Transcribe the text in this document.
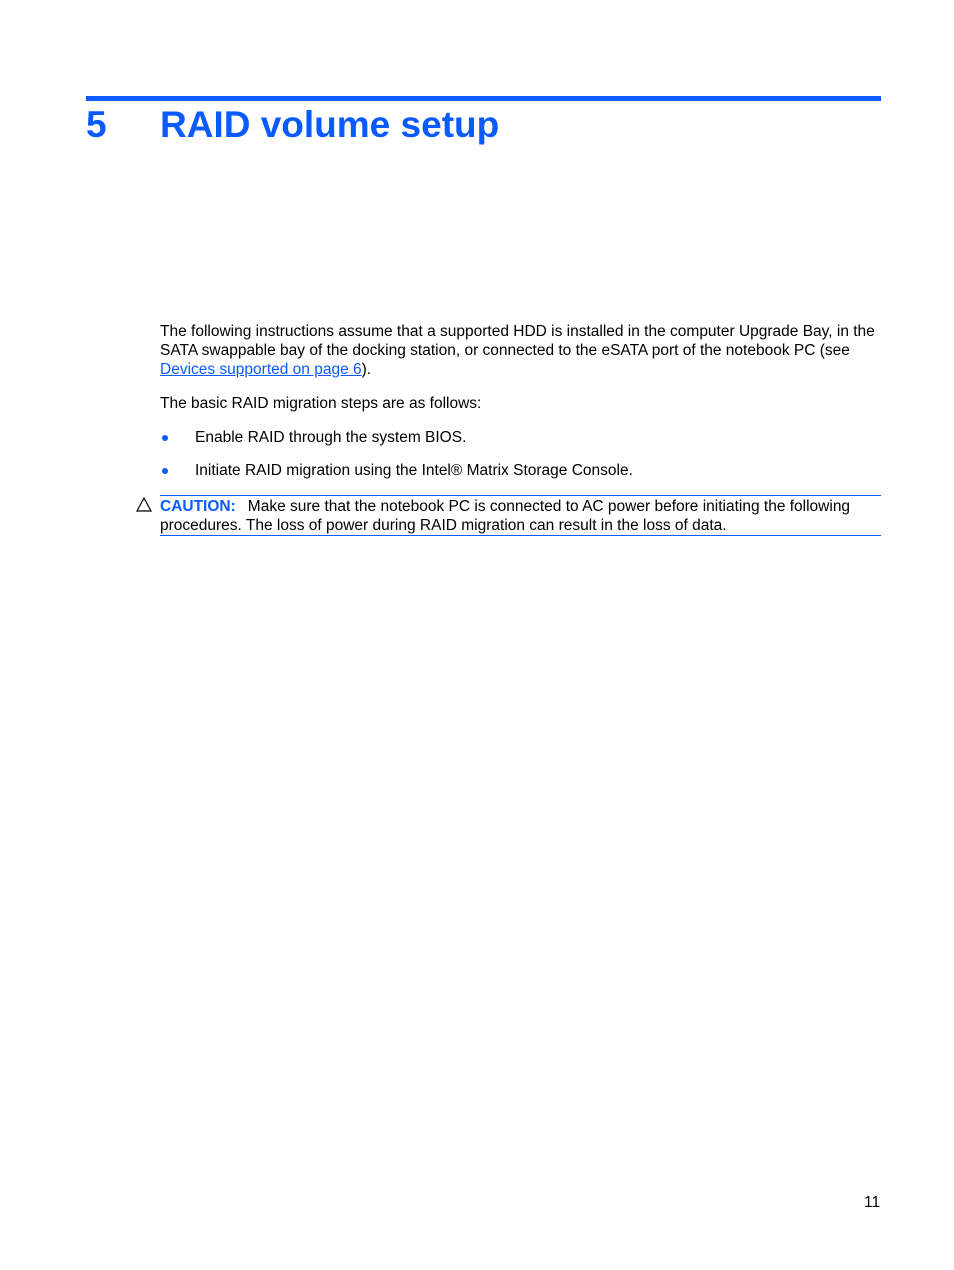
5 RAID volume setup

The following instructions assume that a supported HDD is installed in the computer Upgrade Bay, in the SATA swappable bay of the docking station, or connected to the eSATA port of the notebook PC (see Devices supported on page 6).

The basic RAID migration steps are as follows:

Enable RAID through the system BIOS.
Initiate RAID migration using the Intel® Matrix Storage Console.
CAUTION: Make sure that the notebook PC is connected to AC power before initiating the following procedures. The loss of power during RAID migration can result in the loss of data.
11
